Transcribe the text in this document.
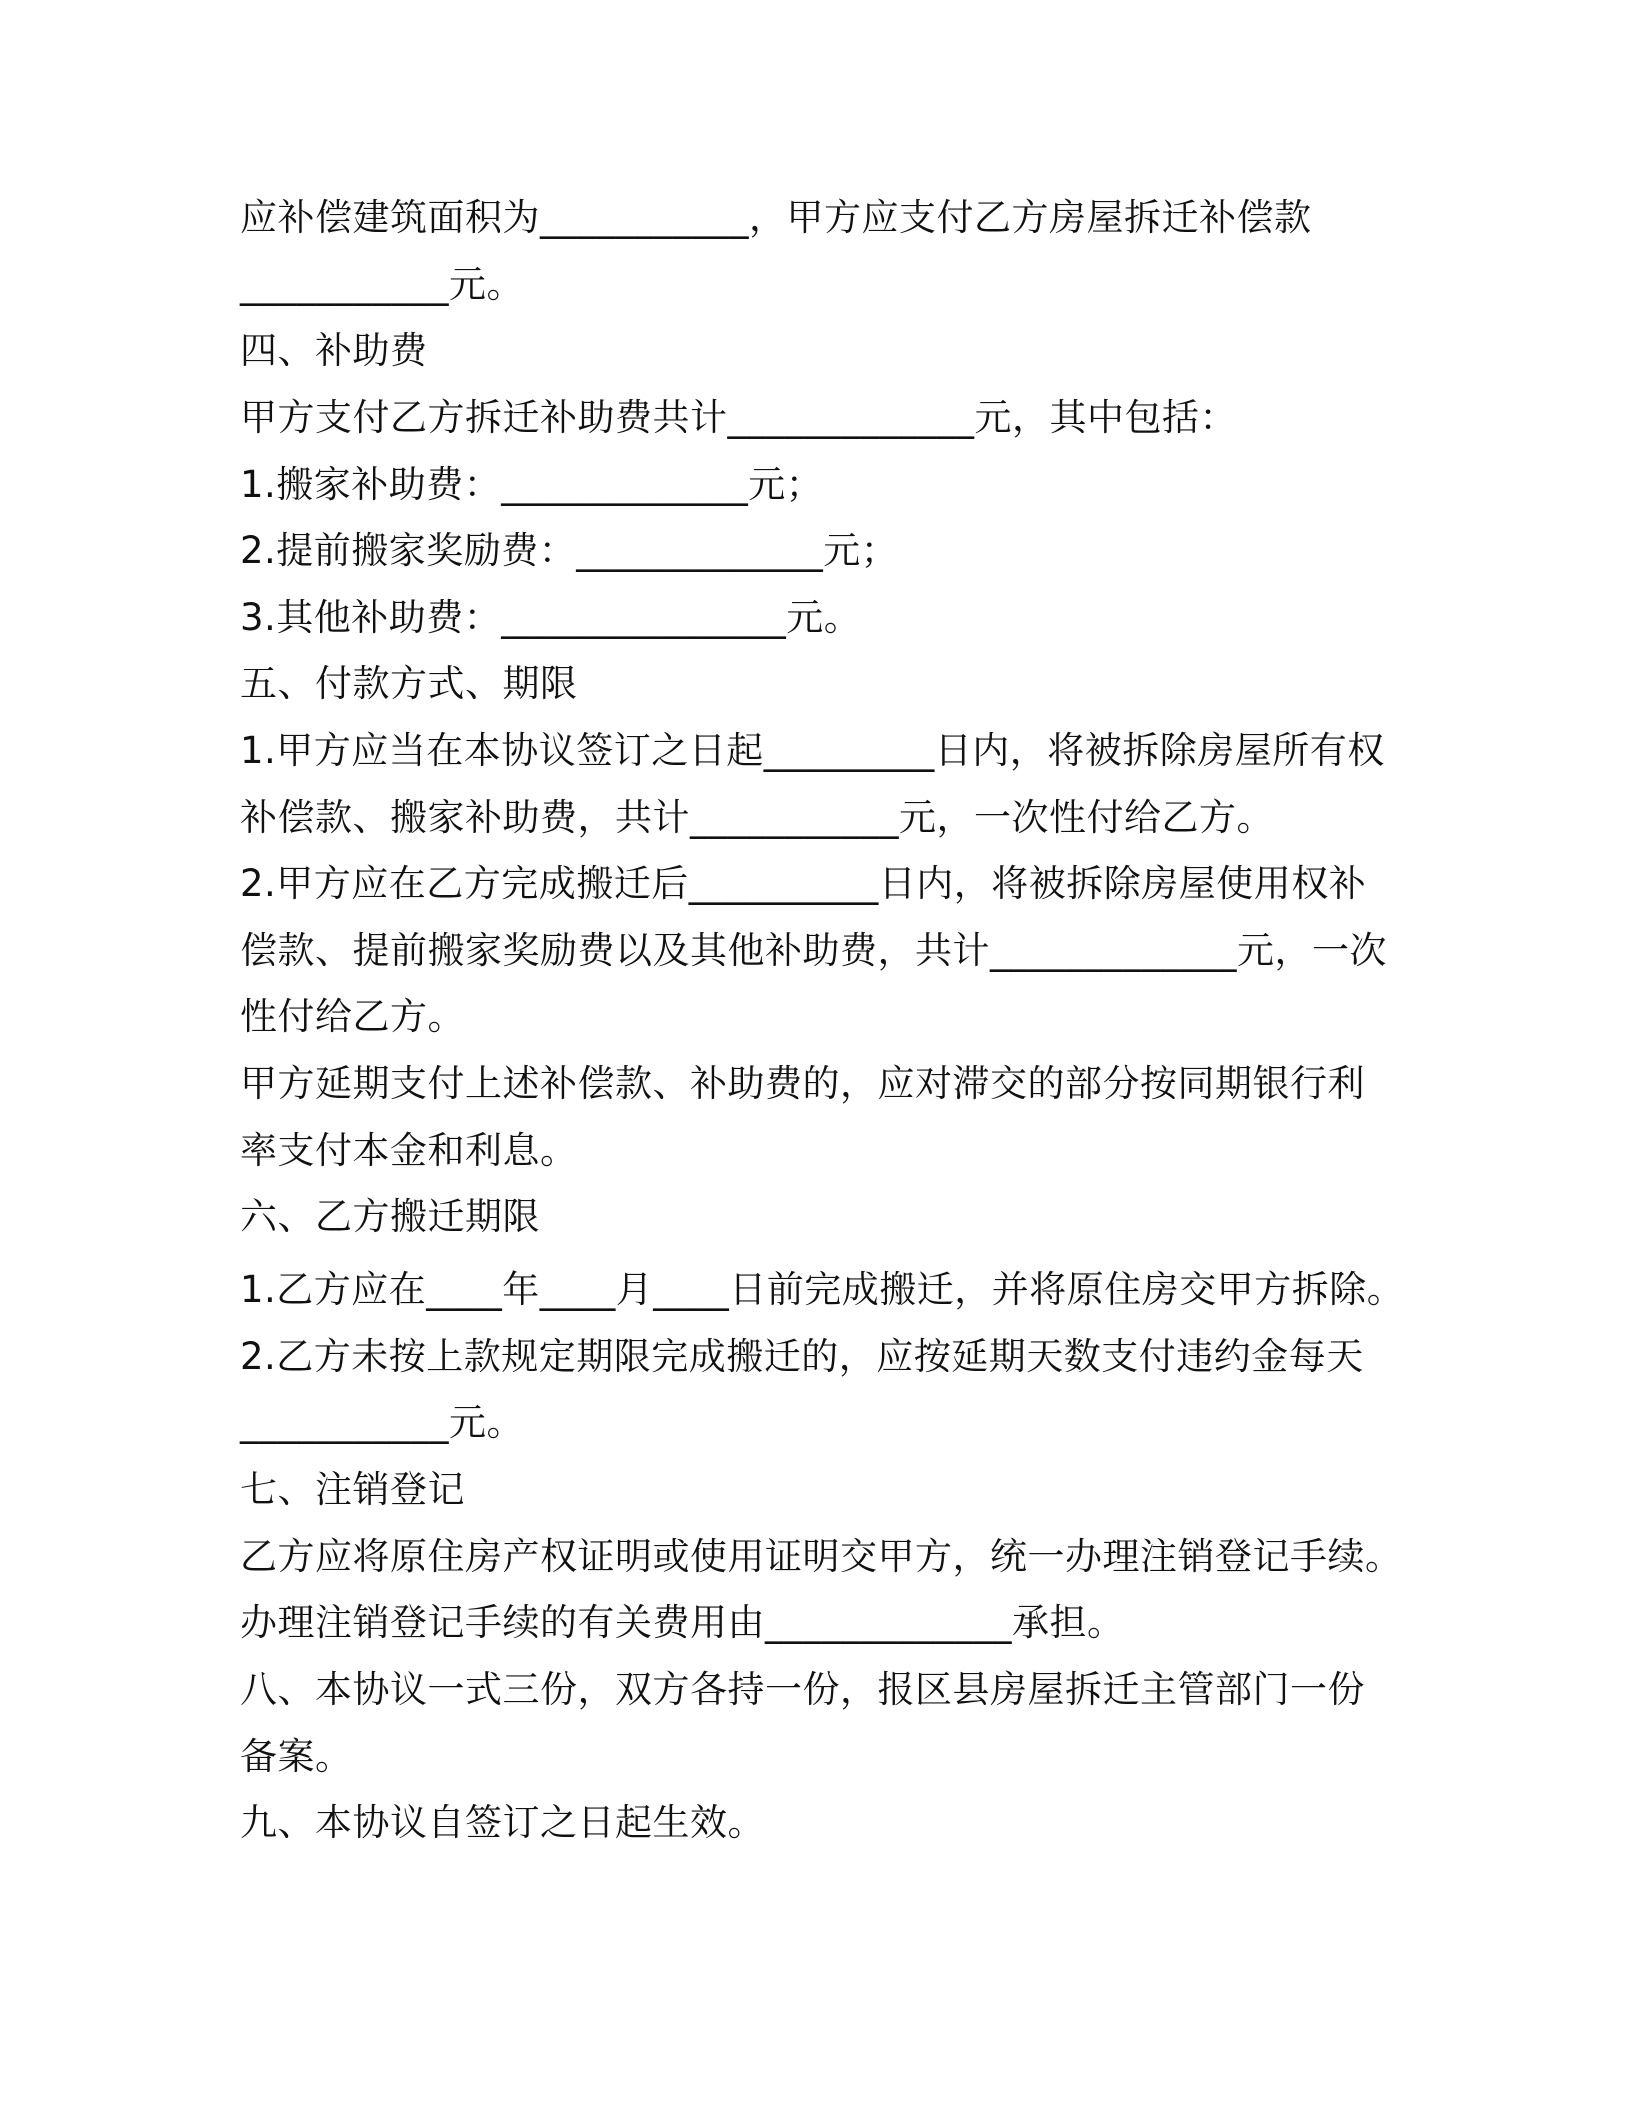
应补偿建筑面积为___________，甲方应支付乙方房屋拆迁补偿款
___________元。
四、补助费
甲方支付乙方拆迁补助费共计_____________元，其中包括：
1.搬家补助费：_____________元；
2.提前搬家奖励费：_____________元；
3.其他补助费：_______________元。
五、付款方式、期限
1.甲方应当在本协议签订之日起_________日内，将被拆除房屋所有权
补偿款、搬家补助费，共计___________元，一次性付给乙方。
2.甲方应在乙方完成搬迁后__________日内，将被拆除房屋使用权补
偿款、提前搬家奖励费以及其他补助费，共计_____________元，一次
性付给乙方。
甲方延期支付上述补偿款、补助费的，应对滞交的部分按同期银行利
率支付本金和利息。
六、乙方搬迁期限
1.乙方应在____年____月____日前完成搬迁，并将原住房交甲方拆除。
2.乙方未按上款规定期限完成搬迁的，应按延期天数支付违约金每天
___________元。
七、注销登记
乙方应将原住房产权证明或使用证明交甲方，统一办理注销登记手续。
办理注销登记手续的有关费用由_____________承担。
八、本协议一式三份，双方各持一份，报区县房屋拆迁主管部门一份
备案。
九、本协议自签订之日起生效。
